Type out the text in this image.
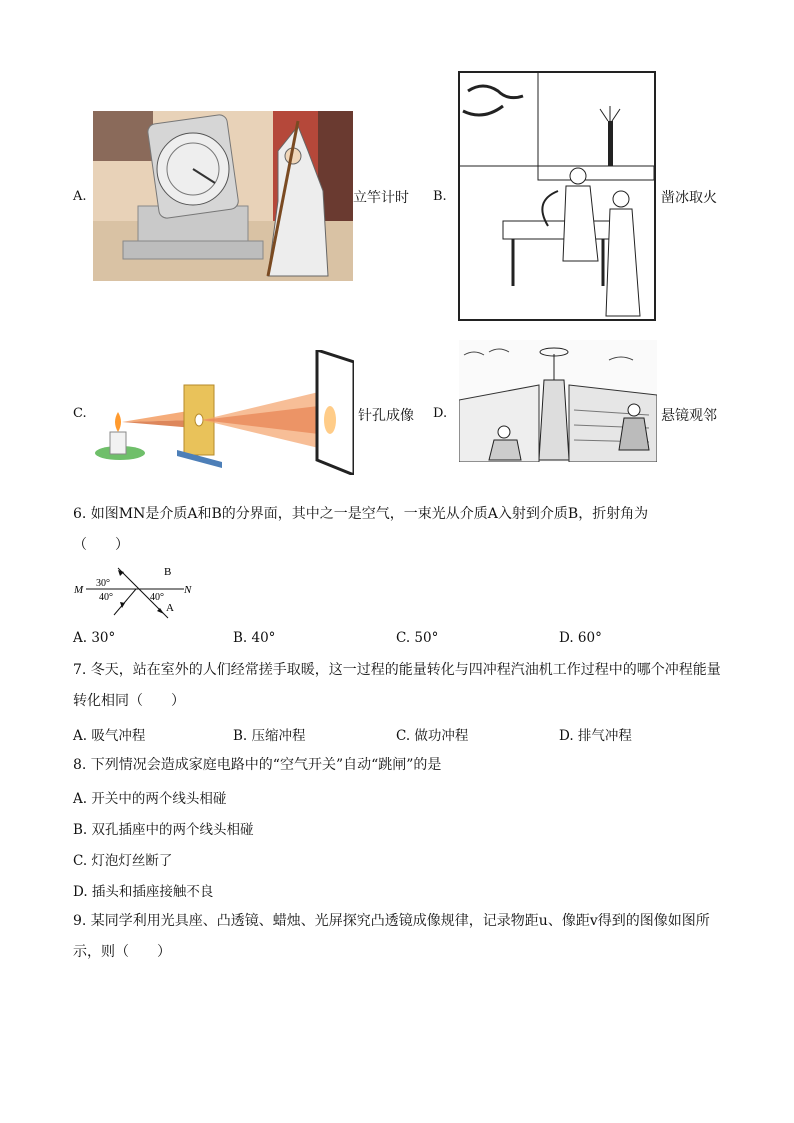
A.	立竿计时 B.	凿冰取火
C.	针孔成像 D.	悬镜观邻
6. 如图MN是介质A和B的分界面，其中之一是空气，一束光从介质A入射到介质B，折射角为
（　　）
M	N
B
A
30°
40°	40°
A. 30°	B. 40°	C. 50°	D. 60°
7. 冬天，站在室外的人们经常搓手取暖，这一过程的能量转化与四冲程汽油机工作过程中的哪个冲程能量
转化相同（　　）
A. 吸气冲程	B. 压缩冲程	C. 做功冲程	D. 排气冲程
8. 下列情况会造成家庭电路中的“空气开关”自动“跳闸”的是
A. 开关中的两个线头相碰
B. 双孔插座中的两个线头相碰
C. 灯泡灯丝断了
D. 插头和插座接触不良
9. 某同学利用光具座、凸透镜、蜡烛、光屏探究凸透镜成像规律，记录物距u、像距v得到的图像如图所
示，则（　　）
